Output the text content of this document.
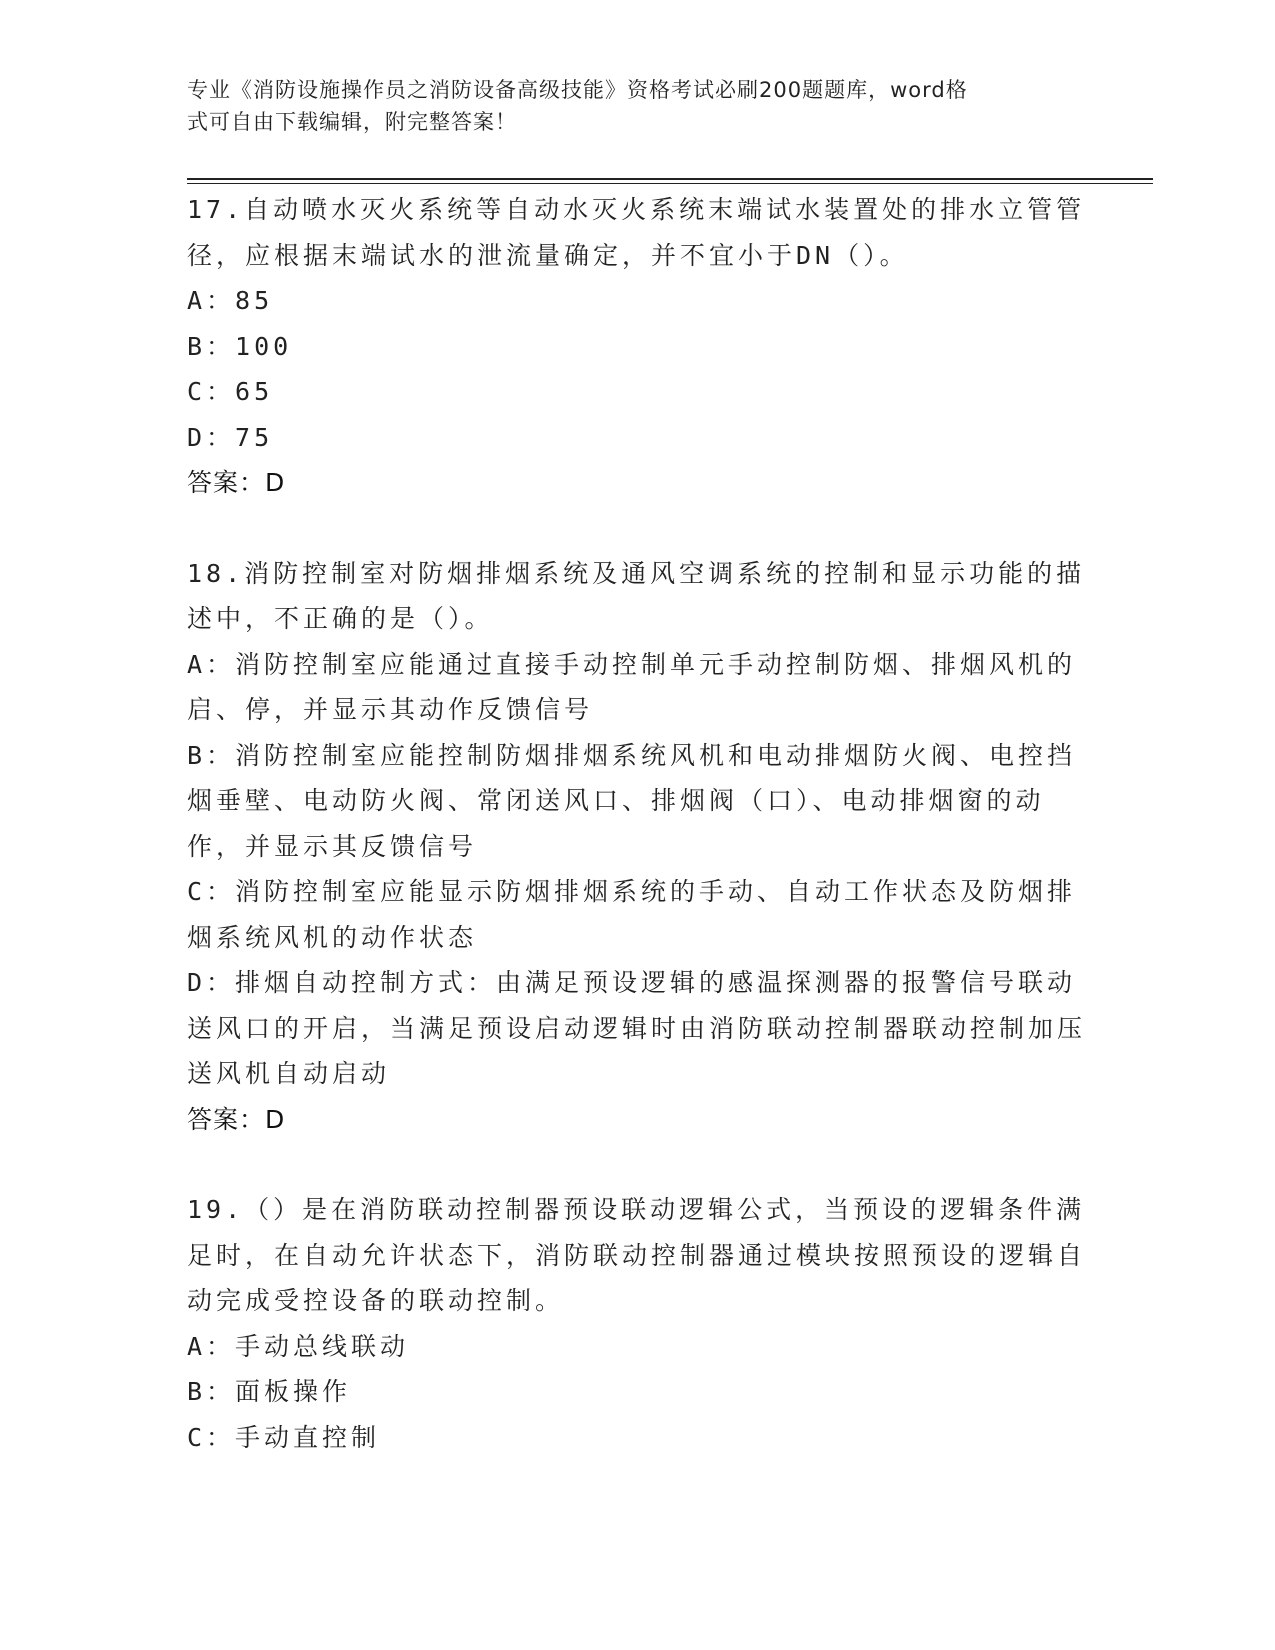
专业《消防设施操作员之消防设备高级技能》资格考试必刷200题题库，word格
式可自由下载编辑，附完整答案！
17.自动喷水灭火系统等自动水灭火系统末端试水装置处的排水立管管径，应根据末端试水的泄流量确定，并不宜小于DN（）。
A：85
B：100
C：65
D：75
答案：D
18.消防控制室对防烟排烟系统及通风空调系统的控制和显示功能的描述中，不正确的是（）。
A：消防控制室应能通过直接手动控制单元手动控制防烟、排烟风机的启、停，并显示其动作反馈信号
B：消防控制室应能控制防烟排烟系统风机和电动排烟防火阀、电控挡烟垂壁、电动防火阀、常闭送风口、排烟阀（口）、电动排烟窗的动作，并显示其反馈信号
C：消防控制室应能显示防烟排烟系统的手动、自动工作状态及防烟排烟系统风机的动作状态
D：排烟自动控制方式：由满足预设逻辑的感温探测器的报警信号联动送风口的开启，当满足预设启动逻辑时由消防联动控制器联动控制加压送风机自动启动
答案：D
19.（）是在消防联动控制器预设联动逻辑公式，当预设的逻辑条件满足时，在自动允许状态下，消防联动控制器通过模块按照预设的逻辑自动完成受控设备的联动控制。
A：手动总线联动
B：面板操作
C：手动直控制
